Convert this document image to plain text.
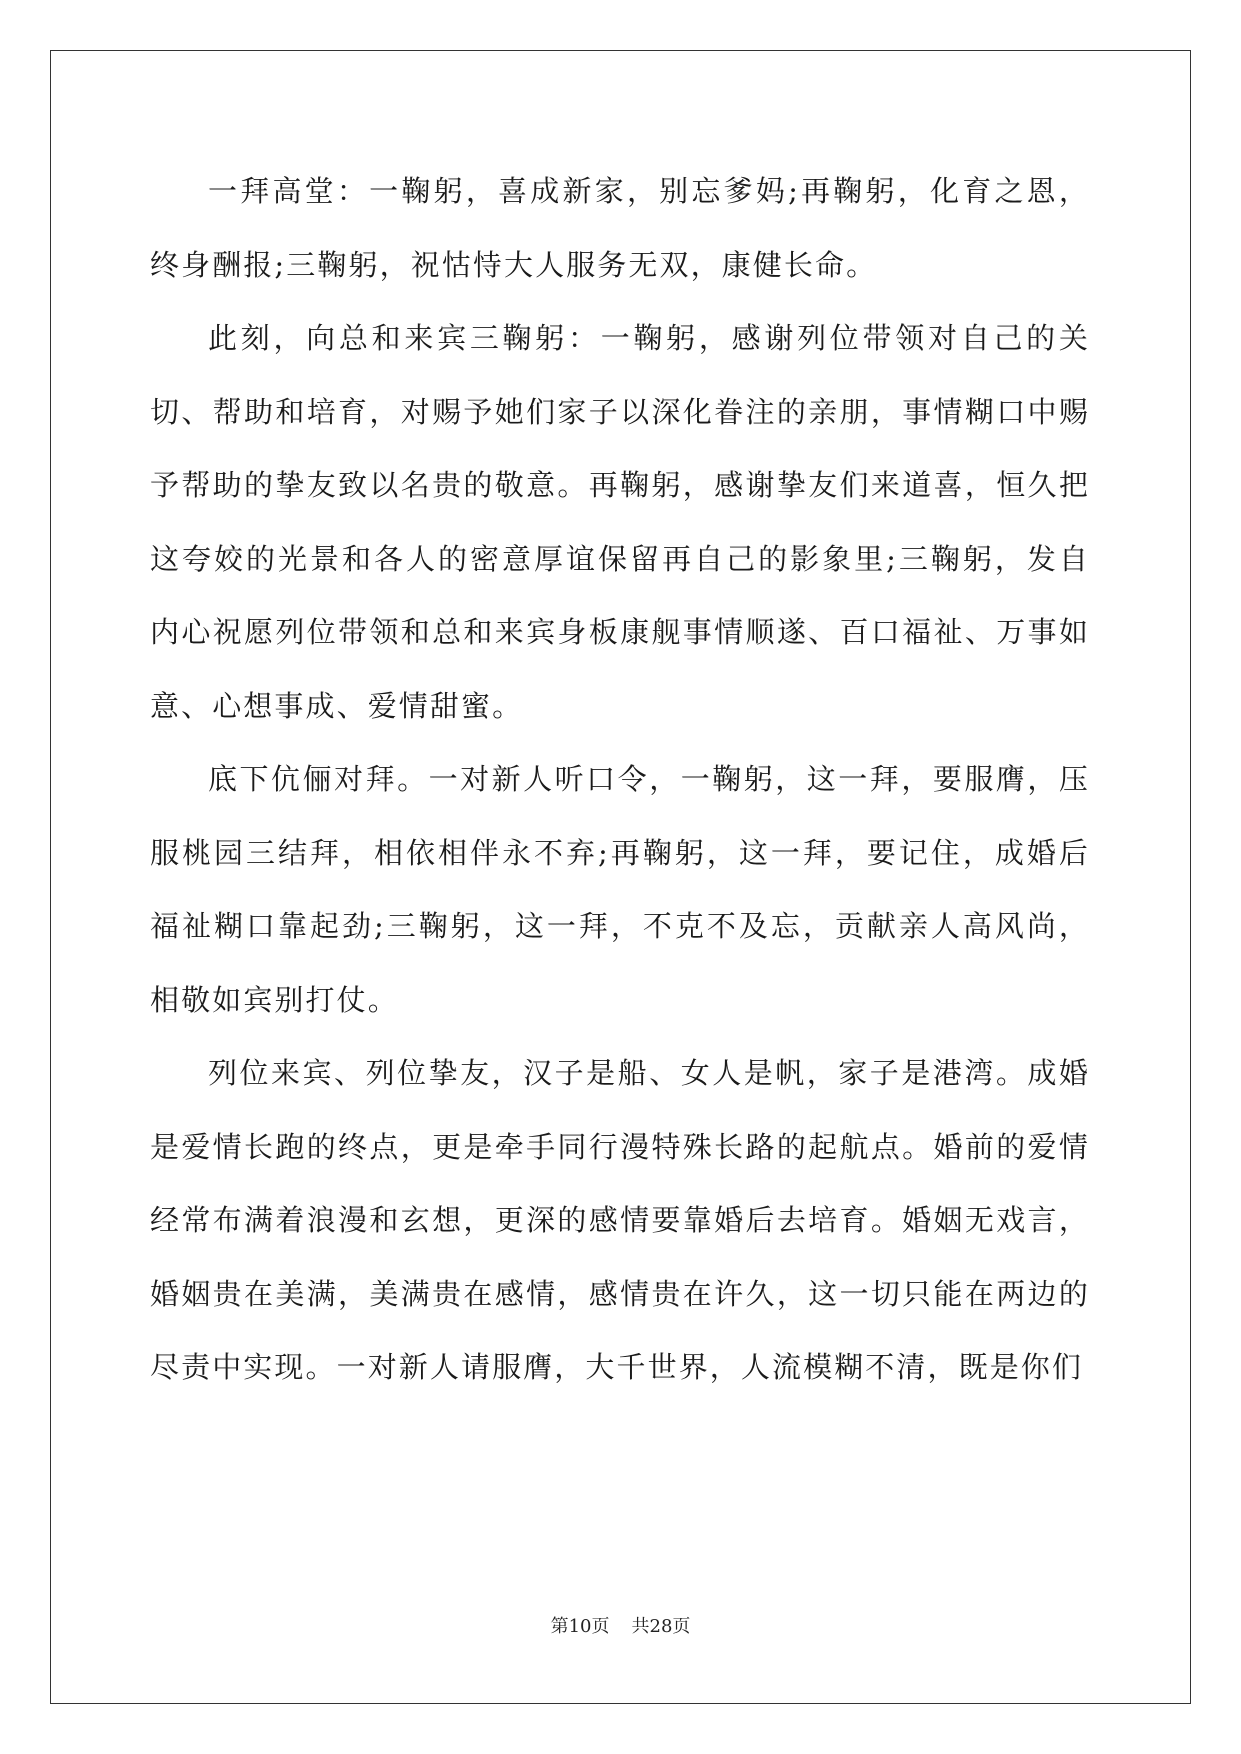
一拜高堂：一鞠躬，喜成新家，别忘爹妈;再鞠躬，化育之恩，终身酬报;三鞠躬，祝怙恃大人服务无双，康健长命。

此刻，向总和来宾三鞠躬：一鞠躬，感谢列位带领对自己的关切、帮助和培育，对赐予她们家子以深化眷注的亲朋，事情糊口中赐予帮助的挚友致以名贵的敬意。再鞠躬，感谢挚友们来道喜，恒久把这夸姣的光景和各人的密意厚谊保留再自己的影象里;三鞠躬，发自内心祝愿列位带领和总和来宾身板康舰事情顺遂、百口福祉、万事如意、心想事成、爱情甜蜜。

底下伉俪对拜。一对新人听口令，一鞠躬，这一拜，要服膺，压服桃园三结拜，相依相伴永不弃;再鞠躬，这一拜，要记住，成婚后福祉糊口靠起劲;三鞠躬，这一拜，不克不及忘，贡献亲人高风尚，相敬如宾别打仗。

列位来宾、列位挚友，汉子是船、女人是帆，家子是港湾。成婚是爱情长跑的终点，更是牵手同行漫特殊长路的起航点。婚前的爱情经常布满着浪漫和玄想，更深的感情要靠婚后去培育。婚姻无戏言，婚姻贵在美满，美满贵在感情，感情贵在许久，这一切只能在两边的尽责中实现。一对新人请服膺，大千世界，人流模糊不清，既是你们

第10页 共28页
